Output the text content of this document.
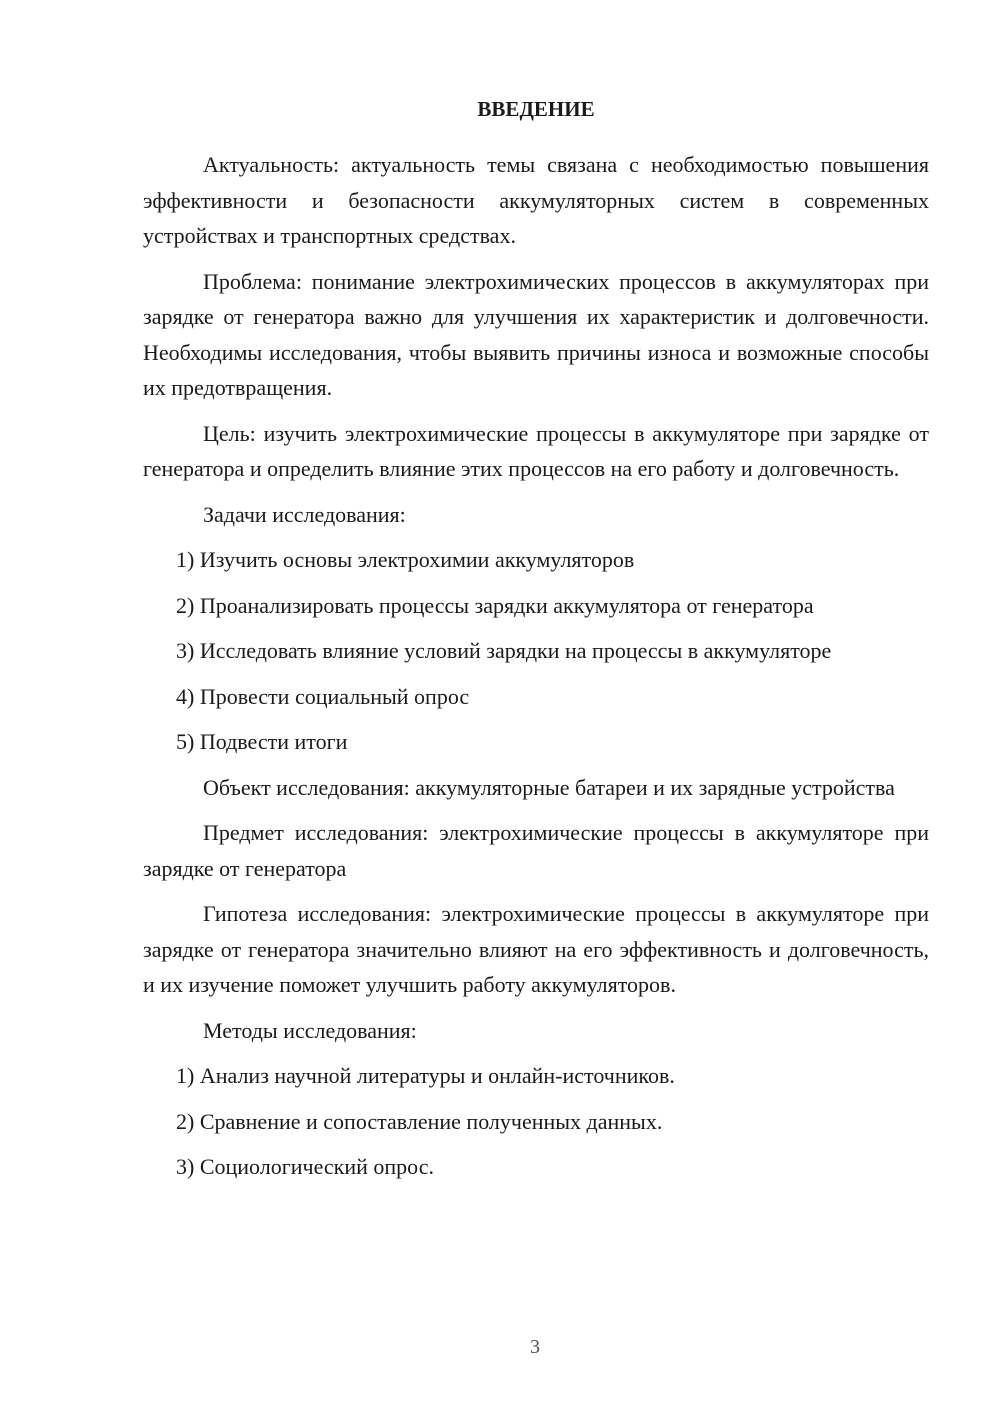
ВВЕДЕНИЕ

Актуальность: актуальность темы связана с необходимостью повышения эффективности и безопасности аккумуляторных систем в современных устройствах и транспортных средствах.

Проблема: понимание электрохимических процессов в аккумуляторах при зарядке от генератора важно для улучшения их характеристик и долговечности. Необходимы исследования, чтобы выявить причины износа и возможные способы их предотвращения.

Цель: изучить электрохимические процессы в аккумуляторе при зарядке от генератора и определить влияние этих процессов на его работу и долговечность.

Задачи исследования:

1) Изучить основы электрохимии аккумуляторов
2) Проанализировать процессы зарядки аккумулятора от генератора
3) Исследовать влияние условий зарядки на процессы в аккумуляторе
4) Провести социальный опрос
5) Подвести итоги

Объект исследования: аккумуляторные батареи и их зарядные устройства

Предмет исследования: электрохимические процессы в аккумуляторе при зарядке от генератора

Гипотеза исследования: электрохимические процессы в аккумуляторе при зарядке от генератора значительно влияют на его эффективность и долговечность, и их изучение поможет улучшить работу аккумуляторов.

Методы исследования:

1) Анализ научной литературы и онлайн-источников.
2) Сравнение и сопоставление полученных данных.
3) Социологический опрос.
3
